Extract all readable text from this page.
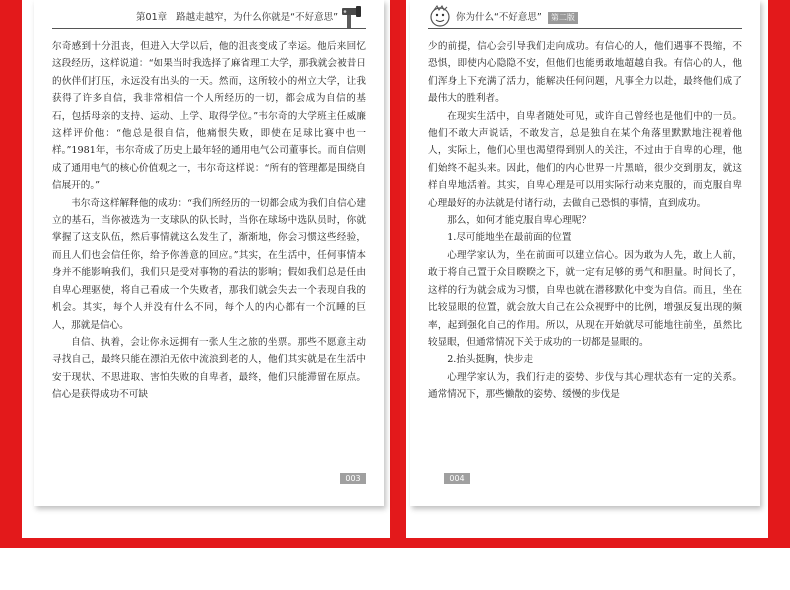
第01章 路越走越窄，为什么你就是“不好意思”

尔奇感到十分沮丧，但进入大学以后，他的沮丧变成了幸运。他后来回忆这段经历，这样说道：“如果当时我选择了麻省理工大学，那我就会被昔日的伙伴们打压，永远没有出头的一天。然而，这所较小的州立大学，让我获得了许多自信，我非常相信一个人所经历的一切，都会成为自信的基石，包括母亲的支持、运动、上学、取得学位。”韦尔奇的大学班主任威廉这样评价他：“他总是很自信，他痛恨失败，即使在足球比赛中也一样。”1981年，韦尔奇成了历史上最年轻的通用电气公司董事长。而自信则成了通用电气的核心价值观之一，韦尔奇这样说：“所有的管理都是围绕自信展开的。”

韦尔奇这样解释他的成功：“我们所经历的一切都会成为我们自信心建立的基石，当你被选为一支球队的队长时，当你在球场中选队员时，你就掌握了这支队伍，然后事情就这么发生了，渐渐地，你会习惯这些经验，而且人们也会信任你，给予你善意的回应。”其实，在生活中，任何事情本身并不能影响我们，我们只是受对事物的看法的影响；假如我们总是任由自卑心理驱使，将自己看成一个失败者，那我们就会失去一个表现自我的机会。其实，每个人并没有什么不同，每个人的内心都有一个沉睡的巨人，那就是信心。

自信、执着，会让你永远拥有一张人生之旅的坐票。那些不愿意主动寻找自己，最终只能在漂泊无依中流浪到老的人，他们其实就是在生活中安于现状、不思进取、害怕失败的自卑者，最终，他们只能滞留在原点。信心是获得成功不可缺

003
你为什么“不好意思” 第二版

少的前提，信心会引导我们走向成功。有信心的人，他们遇事不畏缩，不恐惧，即使内心隐隐不安，但他们也能勇敢地超越自我。有信心的人，他们浑身上下充满了活力，能解决任何问题，凡事全力以赴，最终他们成了最伟大的胜利者。

在现实生活中，自卑者随处可见，或许自己曾经也是他们中的一员。他们不敢大声说话，不敢发言，总是独自在某个角落里默默地注视着他人，实际上，他们心里也渴望得到别人的关注，不过由于自卑的心理，他们始终不起头来。因此，他们的内心世界一片黑暗，很少交到朋友，就这样自卑地活着。其实，自卑心理是可以用实际行动来克服的，而克服自卑心理最好的办法就是付诸行动，去做自己恐惧的事情，直到成功。

那么，如何才能克服自卑心理呢？

1.尽可能地坐在最前面的位置

心理学家认为，坐在前面可以建立信心。因为敢为人先，敢上人前，敢于将自己置于众目睽睽之下，就一定有足够的勇气和胆量。时间长了，这样的行为就会成为习惯，自卑也就在潜移默化中变为自信。而且，坐在比较显眼的位置，就会放大自己在公众视野中的比例，增强反复出现的频率，起到强化自己的作用。所以，从现在开始就尽可能地往前坐，虽然比较显眼，但通常情况下关于成功的一切都是显眼的。

2.抬头挺胸，快步走

心理学家认为，我们行走的姿势、步伐与其心理状态有一定的关系。通常情况下，那些懒散的姿势、缓慢的步伐是

004
